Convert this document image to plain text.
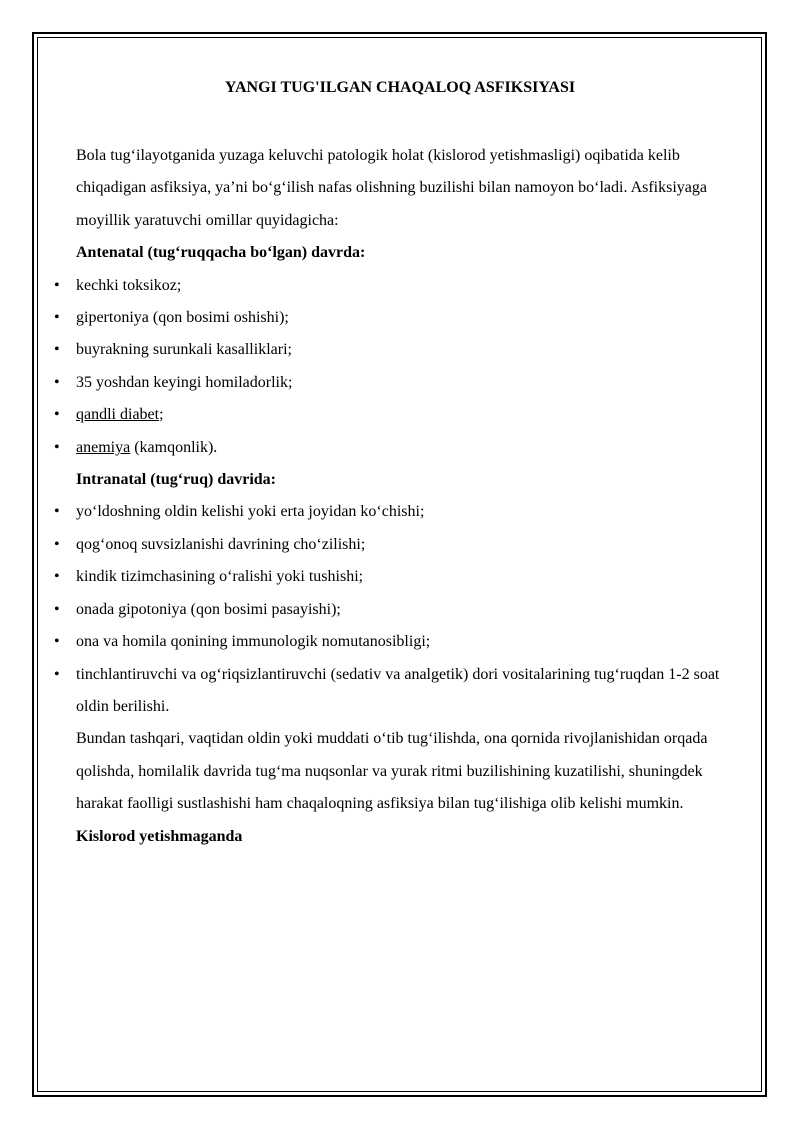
YANGI TUG'ILGAN CHAQALOQ ASFIKSIYASI

Bola tug‘ilayotganida yuzaga keluvchi patologik holat (kislorod yetishmasligi) oqibatida kelib chiqadigan asfiksiya, ya’ni bo‘g‘ilish nafas olishning buzilishi bilan namoyon bo‘ladi. Asfiksiyaga moyillik yaratuvchi omillar quyidagicha:

Antenatal (tug‘ruqqacha bo‘lgan) davrda:

• kechki toksikoz;
• gipertoniya (qon bosimi oshishi);
• buyrakning surunkali kasalliklari;
• 35 yoshdan keyingi homiladorlik;
• qandli diabet;
• anemiya (kamqonlik).

Intranatal (tug‘ruq) davrida:

• yo‘ldoshning oldin kelishi yoki erta joyidan ko‘chishi;
• qog‘onoq suvsizlanishi davrining cho‘zilishi;
• kindik tizimchasining o‘ralishi yoki tushishi;
• onada gipotoniya (qon bosimi pasayishi);
• ona va homila qonining immunologik nomutanosibligi;
• tinchlantiruvchi va og‘riqsizlantiruvchi (sedativ va analgetik) dori vositalarining tug‘ruqdan 1-2 soat oldin berilishi.

Bundan tashqari, vaqtidan oldin yoki muddati o‘tib tug‘ilishda, ona qornida rivojlanishidan orqada qolishda, homilalik davrida tug‘ma nuqsonlar va yurak ritmi buzilishining kuzatilishi, shuningdek harakat faolligi sustlashishi ham chaqaloqning asfiksiya bilan tug‘ilishiga olib kelishi mumkin.

Kislorod yetishmaganda
